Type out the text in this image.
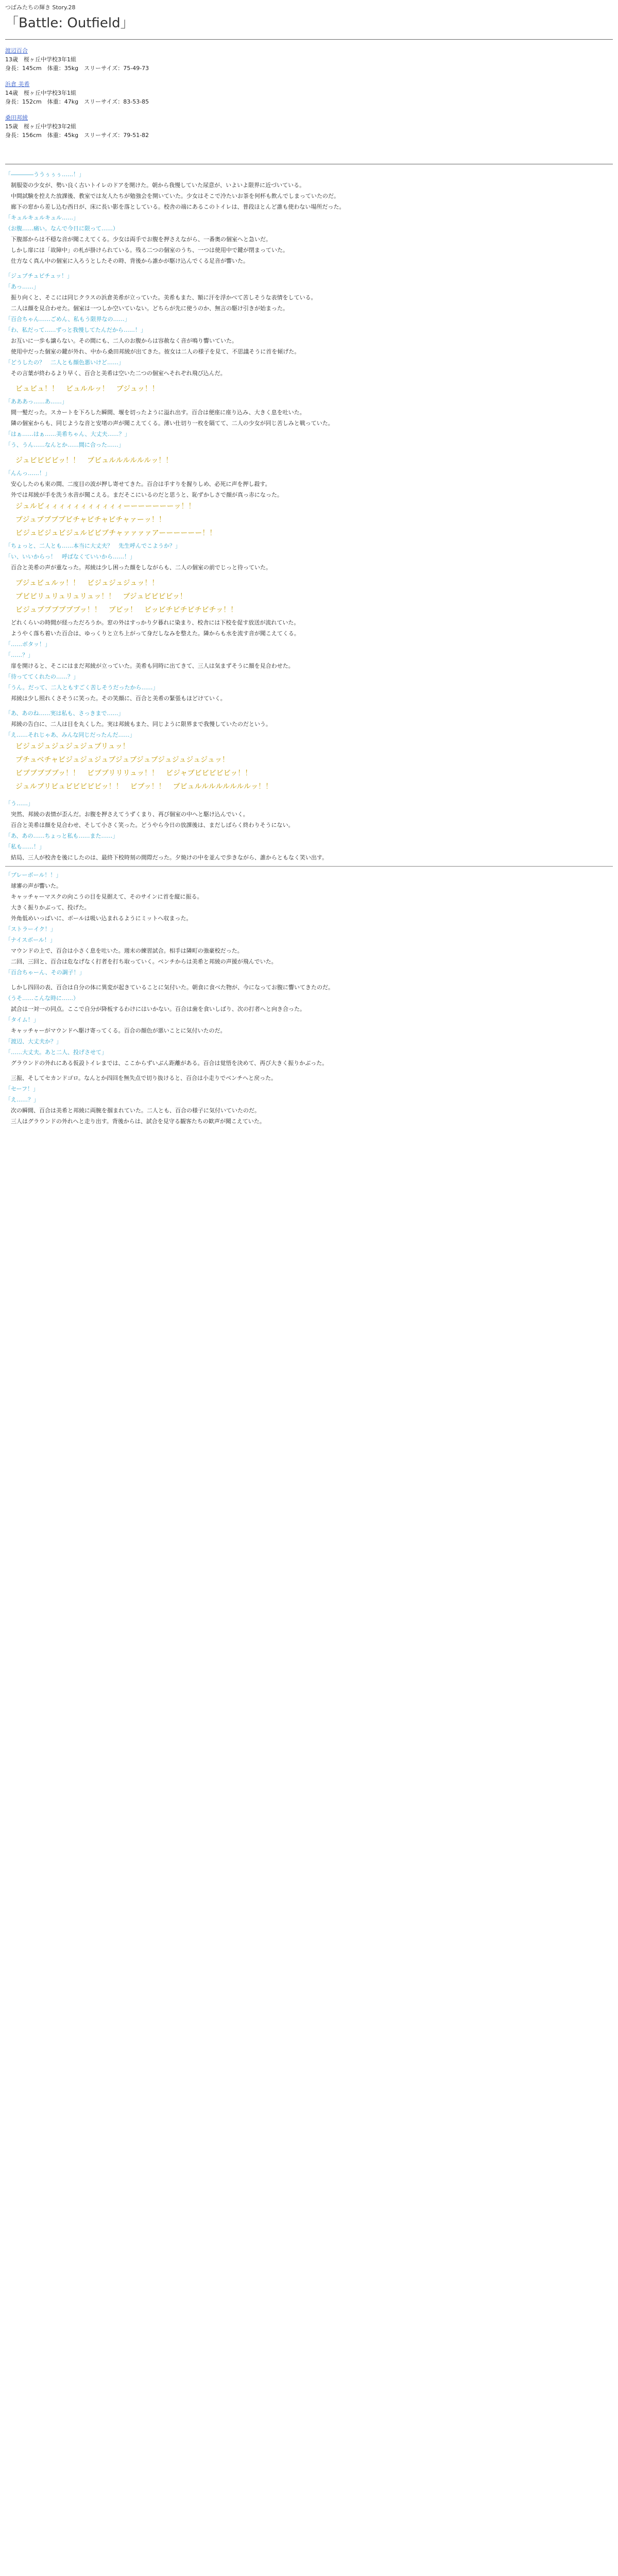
つばみたちの輝き Story.28
「Battle: Outfield」
渡辺百合
13歳　桜ヶ丘中学校3年1組
身長：145cm　体重：35kg　スリーサイズ：75-49-73
浜倉 美希
14歳　桜ヶ丘中学校3年1組
身長：152cm　体重：47kg　スリーサイズ：83-53-85
桑田邦綾
15歳　桜ヶ丘中学校3年2組
身長：156cm　体重：45kg　スリーサイズ：79-51-82
「――――ううぅぅぅ……！」
制服姿の少女が、勢い良く古いトイレのドアを開けた。朝から我慢していた尿意が、いよいよ限界に近づいている。
中間試験を控えた放課後、教室では友人たちが勉強会を開いていた。少女はそこで冷たいお茶を何杯も飲んでしまっていたのだ。
廊下の窓から差し込む西日が、床に長い影を落としている。校舎の端にあるこのトイレは、普段ほとんど誰も使わない場所だった。
「キュルキュルキュル……」
（お腹……痛い。なんで今日に限って……）
下腹部からは不穏な音が聞こえてくる。少女は両手でお腹を押さえながら、一番奥の個室へと急いだ。
しかし扉には「故障中」の札が掛けられている。残る二つの個室のうち、一つは使用中で鍵が閉まっていた。
仕方なく真ん中の個室に入ろうとしたその時、背後から誰かが駆け込んでくる足音が響いた。
「ジュプチュピチュッ！」
「あっ……」
振り向くと、そこには同じクラスの浜倉美希が立っていた。美希もまた、額に汗を浮かべて苦しそうな表情をしている。
二人は顔を見合わせた。個室は一つしか空いていない。どちらが先に使うのか、無言の駆け引きが始まった。
「百合ちゃん……ごめん、私もう限界なの……」
「わ、私だって……ずっと我慢してたんだから……！」
お互いに一歩も譲らない。その間にも、二人のお腹からは容赦なく音が鳴り響いていた。
使用中だった個室の鍵が外れ、中から桑田邦綾が出てきた。彼女は二人の様子を見て、不思議そうに首を傾げた。
「どうしたの？　二人とも顔色悪いけど……」
その言葉が終わるより早く、百合と美希は空いた二つの個室へそれぞれ飛び込んだ。
ビュビュ！！　ビュルルッ！　ブジュッ！！
「あああっ……あ……」
間一髪だった。スカートを下ろした瞬間、堰を切ったように溢れ出す。百合は便座に座り込み、大きく息を吐いた。
隣の個室からも、同じような音と安堵の声が聞こえてくる。薄い仕切り一枚を隔てて、二人の少女が同じ苦しみと戦っていた。
「はぁ……はぁ……美希ちゃん、大丈夫……？」
「う、うん……なんとか……間に合った……」
ジュビビビビッ！！　ブビュルルルルルルッ！！
「んんっ……！」
安心したのも束の間、二度目の波が押し寄せてきた。百合は手すりを握りしめ、必死に声を押し殺す。
外では邦綾が手を洗う水音が聞こえる。まだそこにいるのだと思うと、恥ずかしさで顔が真っ赤になった。
ジュルビィィィィィィィィィィィーーーーーーーッ！！
ブジュブブブブビチャビチャビチャァーッ！！
ビジュビジュビジュルビビブチャァァァァアーーーーーー！！
「ちょっと、二人とも……本当に大丈夫？　先生呼んでこようか？」
「い、いいからっ！　呼ばなくていいから……！」
百合と美希の声が重なった。邦綾は少し困った顔をしながらも、二人の個室の前でじっと待っていた。
ブジュビュルッ！！　ビジュジュジュッ！！
ブビビリュリュリュリュッ！！　ブジュビビビビッ！
ビジュブブブブブブッ！！　ブビッ！　ビッビチビチビチビチッ！！
どれくらいの時間が経っただろうか。窓の外はすっかり夕暮れに染まり、校舎には下校を促す放送が流れていた。
ようやく落ち着いた百合は、ゆっくりと立ち上がって身だしなみを整えた。隣からも水を流す音が聞こえてくる。
「……ボタッ！」
「……？」
扉を開けると、そこにはまだ邦綾が立っていた。美希も同時に出てきて、三人は気まずそうに顔を見合わせた。
「待っててくれたの……？」
「うん。だって、二人ともすごく苦しそうだったから……」
邦綾は少し照れくさそうに笑った。その笑顔に、百合と美希の緊張もほどけていく。
「あ、あのね……実は私も、さっきまで……」
邦綾の告白に、二人は目を丸くした。実は邦綾もまた、同じように限界まで我慢していたのだという。
「え……それじゃあ、みんな同じだったんだ……」
ビジュジュジュジュジュブリュッ！
ブチュベチャビジュジュジュブジュブジュブジュジュジュジュッ！
ビブブブブブッ！！　ビブブリリリュッ！！　ビジャブビビビビビッ！！
ジュルブリビュビビビビビッ！！　ビブッ！！　ブビュルルルルルルルルッ！！
「う……」
突然、邦綾の表情が歪んだ。お腹を押さえてうずくまり、再び個室の中へと駆け込んでいく。
百合と美希は顔を見合わせ、そして小さく笑った。どうやら今日の放課後は、まだしばらく終わりそうにない。
「あ、あの……ちょっと私も……また……」
「私も……！」
結局、三人が校舎を後にしたのは、最終下校時刻の間際だった。夕焼けの中を並んで歩きながら、誰からともなく笑い出す。
「プレーボール！！」
球審の声が響いた。
キャッチャーマスクの向こうの目を見据えて、そのサインに首を縦に振る。
大きく振りかぶって、投げた。
外角低めいっぱいに、ボールは吸い込まれるようにミットへ収まった。
「ストラーイク！」
「ナイスボール！」
マウンドの上で、百合は小さく息を吐いた。週末の練習試合。相手は隣町の強豪校だった。
二回、三回と、百合は危なげなく打者を打ち取っていく。ベンチからは美希と邦綾の声援が飛んでいた。
「百合ちゃーん、その調子！」
しかし四回の表、百合は自分の体に異変が起きていることに気付いた。朝食に食べた物が、今になってお腹に響いてきたのだ。
（うそ……こんな時に……）
試合は一対一の同点。ここで自分が降板するわけにはいかない。百合は歯を食いしばり、次の打者へと向き合った。
「タイム！」
キャッチャーがマウンドへ駆け寄ってくる。百合の顔色が悪いことに気付いたのだ。
「渡辺、大丈夫か？」
「……大丈夫。あと二人、投げさせて」
グラウンドの外れにある仮設トイレまでは、ここからずいぶん距離がある。百合は覚悟を決めて、再び大きく振りかぶった。
三振、そしてセカンドゴロ。なんとか四回を無失点で切り抜けると、百合は小走りでベンチへと戻った。
「セーフ！」
「え……？」
次の瞬間、百合は美希と邦綾に両腕を掴まれていた。二人とも、百合の様子に気付いていたのだ。
三人はグラウンドの外れへと走り出す。背後からは、試合を見守る観客たちの歓声が聞こえていた。
